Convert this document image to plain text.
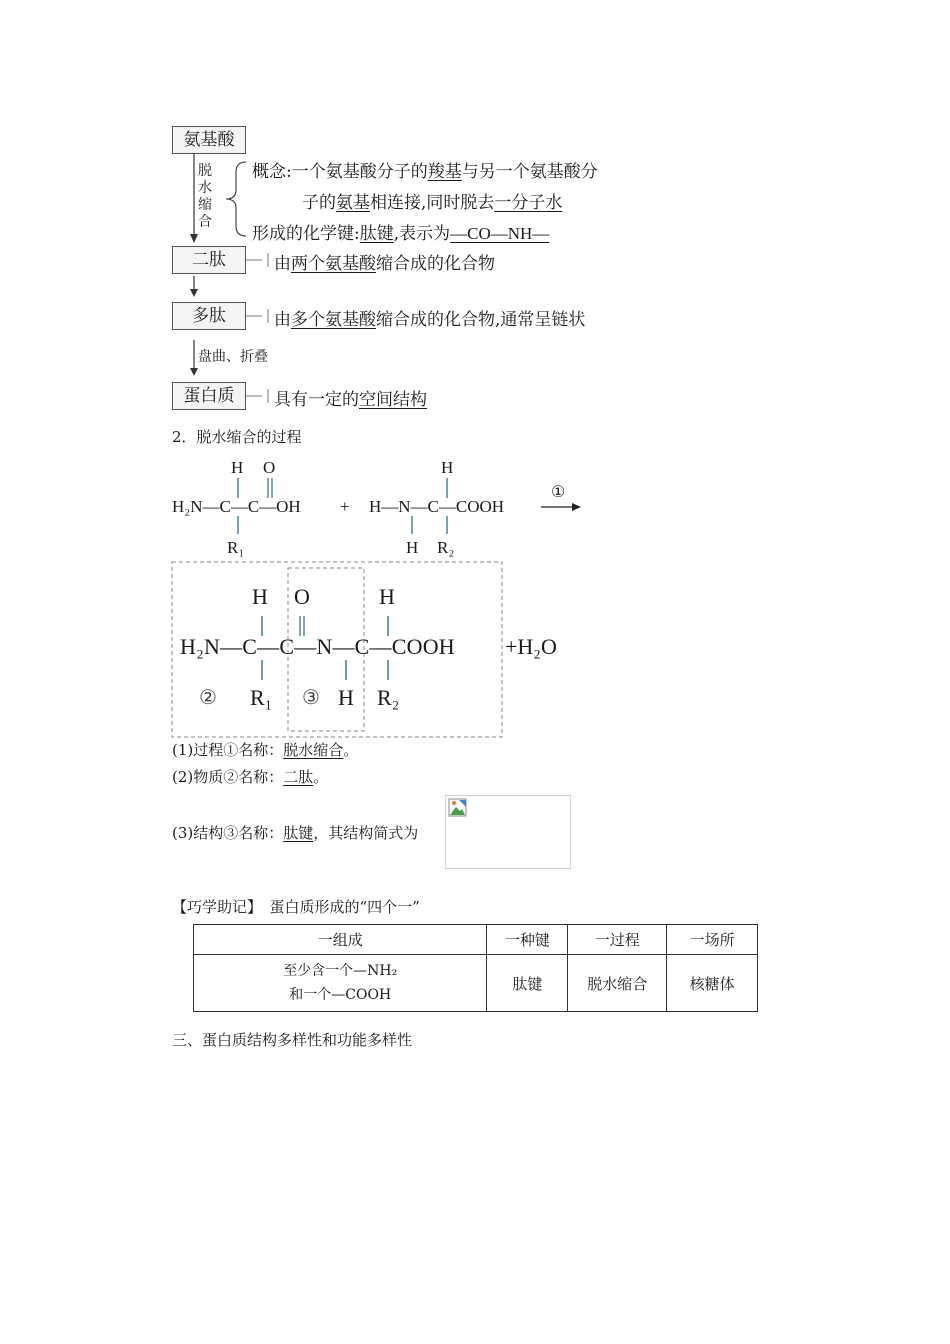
氨基酸
脱
水
缩
合
概念:一个氨基酸分子的羧基与另一个氨基酸分
子的氨基相连接,同时脱去一分子水
形成的化学键:肽键,表示为—CO—NH—
二肽	由两个氨基酸缩合成的化合物
多肽	由多个氨基酸缩合成的化合物,通常呈链状
盘曲、折叠
蛋白质	具有一定的空间结构
2．脱水缩合的过程
H O
H₂N—C—C—OH +
H
H—N—C—COOH
R₁	H R₂
①
H O	H
H₂N—C—C—N—C—COOH +H₂O
② R₁ ③ H R₂
(1)过程①名称：脱水缩合。
(2)物质②名称：二肽。
(3)结构③名称：肽键，其结构简式为
【巧学助记】　蛋白质形成的“四个一”
一组成	一种键	一过程	一场所

至少含一个—NH₂
和一个—COOH	肽键	脱水缩合	核糖体
三、蛋白质结构多样性和功能多样性
